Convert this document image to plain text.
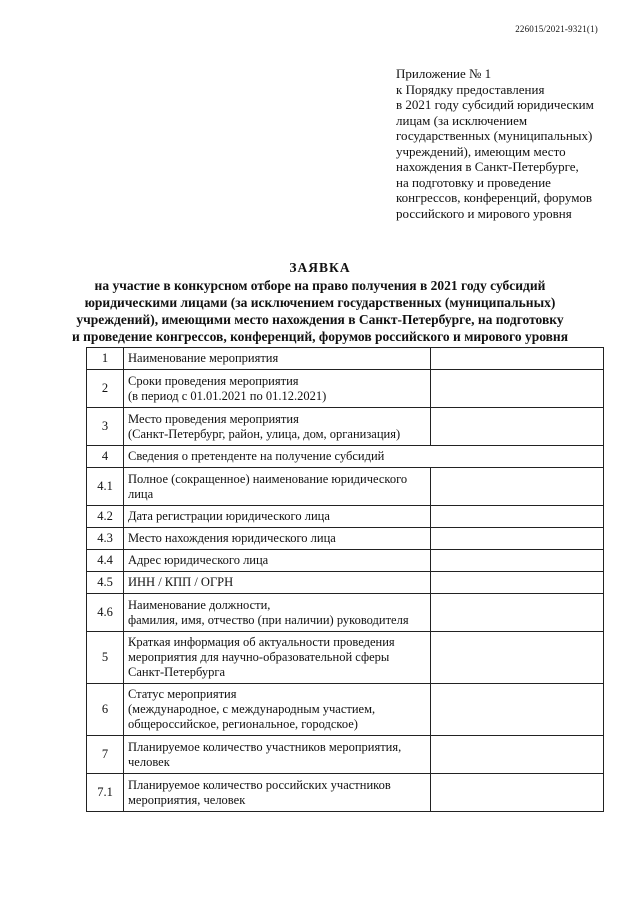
226015/2021-9321(1)
Приложение № 1
к Порядку предоставления
в 2021 году субсидий юридическим
лицам (за исключением
государственных (муниципальных)
учреждений), имеющим место
нахождения в Санкт-Петербурге,
на подготовку и проведение
конгрессов, конференций, форумов
российского и мирового уровня
ЗАЯВКА
на участие в конкурсном отборе на право получения в 2021 году субсидий
юридическими лицами (за исключением государственных (муниципальных)
учреждений), имеющими место нахождения в Санкт-Петербурге, на подготовку
и проведение конгрессов, конференций, форумов российского и мирового уровня
1	Наименование мероприятия	

2	Сроки проведения мероприятия
(в период с 01.01.2021 по 01.12.2021)	

3	Место проведения мероприятия
(Санкт-Петербург, район, улица, дом, организация)	

4	Сведения о претенденте на получение субсидий	

4.1	Полное (сокращенное) наименование юридического
лица	

4.2	Дата регистрации юридического лица	

4.3	Место нахождения юридического лица	

4.4	Адрес юридического лица	

4.5	ИНН / КПП / ОГРН	

4.6	Наименование должности,
фамилия, имя, отчество (при наличии) руководителя	

5	Краткая информация об актуальности проведения
мероприятия для научно-образовательной сферы
Санкт-Петербурга	

6	Статус мероприятия
(международное, с международным участием,
общероссийское, региональное, городское)	

7	Планируемое количество участников мероприятия,
человек	

7.1	Планируемое количество российских участников
мероприятия, человек	
